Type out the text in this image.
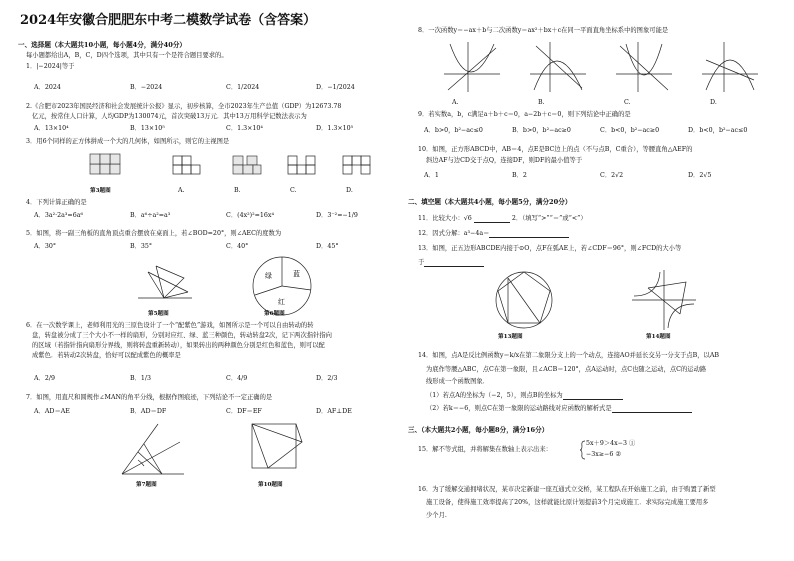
2024年安徽合肥肥东中考二模数学试卷（含答案）
一、选择题（本大题共10小题，每小题4分，满分40分）
每小题都给出A，B，C，D四个选项，其中只有一个是符合题目要求的。
1．|−2024|等于
A．2024	B．−2024	C．1/2024	D．−1/2024
2.《合肥市2023年国民经济和社会发展统计公报》显示，初步核算，全市2023年生产总值（GDP）为12673.78
亿元，按常住人口计算，人均GDP为130074元，首次突破13万元．其中13万用科学记数法表示为
A．13×10⁴	B．13×10⁵	C．1.3×10⁴	D．1.3×10⁵
3．用6个同样的正方体拼成一个大的几何体，如图所示，则它的主视图是
第3题图	A.	B.	C.	D.
4．下列计算正确的是
A．3a²·2a³=6a⁶	B．a⁶÷a²=a³	C．(4x²)²=16x⁴	D．3⁻²=−1/9
5．如图，将一副三角板的直角顶点重合摆放在桌面上，若∠BOD=20°，则∠AEC的度数为
A．30°	B．35°	C．40°	D．45°
第5题图
绿	蓝
红
第6题图
6．在一次数学课上，老师利用光的三原色设计了一个“配紫色”游戏，如图所示是一个可以自由转动的转
盘，转盘被分成了三个大小不一样的扇形，分别对应红、绿、蓝三种颜色，转动转盘2次，记下两次指针指向
的区域（若指针指向扇形分界线，则将转盘重新转动），如果转出的两种颜色分别是红色和蓝色，则可以配
成紫色．若转动2次转盘，恰好可以配成紫色的概率是
A．2/9	B．1/3	C．4/9	D．2/3
7．如图，用直尺和圆规作∠MAN的角平分线，根据作图痕迹，下列结论不一定正确的是
A．AD＝AE	B．AD＝DF	C．DF＝EF	D．AF⊥DE
第7题图	第10题图
8．一次函数y＝−ax＋b与二次函数y＝ax²＋bx＋c在同一平面直角坐标系中的图象可能是
A.	B.	C.	D.
9．若实数a，b，c满足a＋b＋c＝0，a−2b＋c＝0，则下列结论中正确的是
A．b>0，b²−ac≤0	B．b>0，b²−ac≥0	C．b<0，b²−ac≥0	D．b<0，b²−ac≤0
10．如图，正方形ABCD中，AB＝4，点E是BC边上的点（不与点B，C重合），等腰直角△AEF的
斜边AF与边CD交于点Q，连接DF，则DF的最小值等于
A．1	B．2	C．2√2	D．2√5
二、填空题（本大题共4小题，每小题5分，满分20分）
11．比较大小：√6	2．（填写“>”“＝”或“<”）
12．因式分解：a³−4a＝
13．如图，正五边形ABCDE内接于⊙O，点F在弧AE上，若∠CDF＝96°，则∠FCD的大小等
于
第13题图	第14题图
14．如图，点A是反比例函数y＝k/x在第二象限分支上的一个动点，连接AO并延长交另一分支于点B，以AB
为底作等腰△ABC，点C在第一象限，且∠ACB＝120°，点A运动时，点C也随之运动，点C的运动路
线形成一个函数图象．
（1）若点A的坐标为（−2，5），则点B的坐标为
（2）若k＝−6，则点C在第一象限的运动路线对应函数的解析式是
三、（本大题共2小题，每小题8分，满分16分）
15．解不等式组，并将解集在数轴上表示出来：
5x＋9＞4x−3 ①
−3x≥−6 ②
16．为了缓解交通拥堵状况，某市决定新建一座互通式立交桥，某工程队在开始施工之前，由于购置了新型
施工设备，使得施工效率提高了20%，这样就能比原计划提前3个月完成施工．求实际完成施工要用多
少个月.
